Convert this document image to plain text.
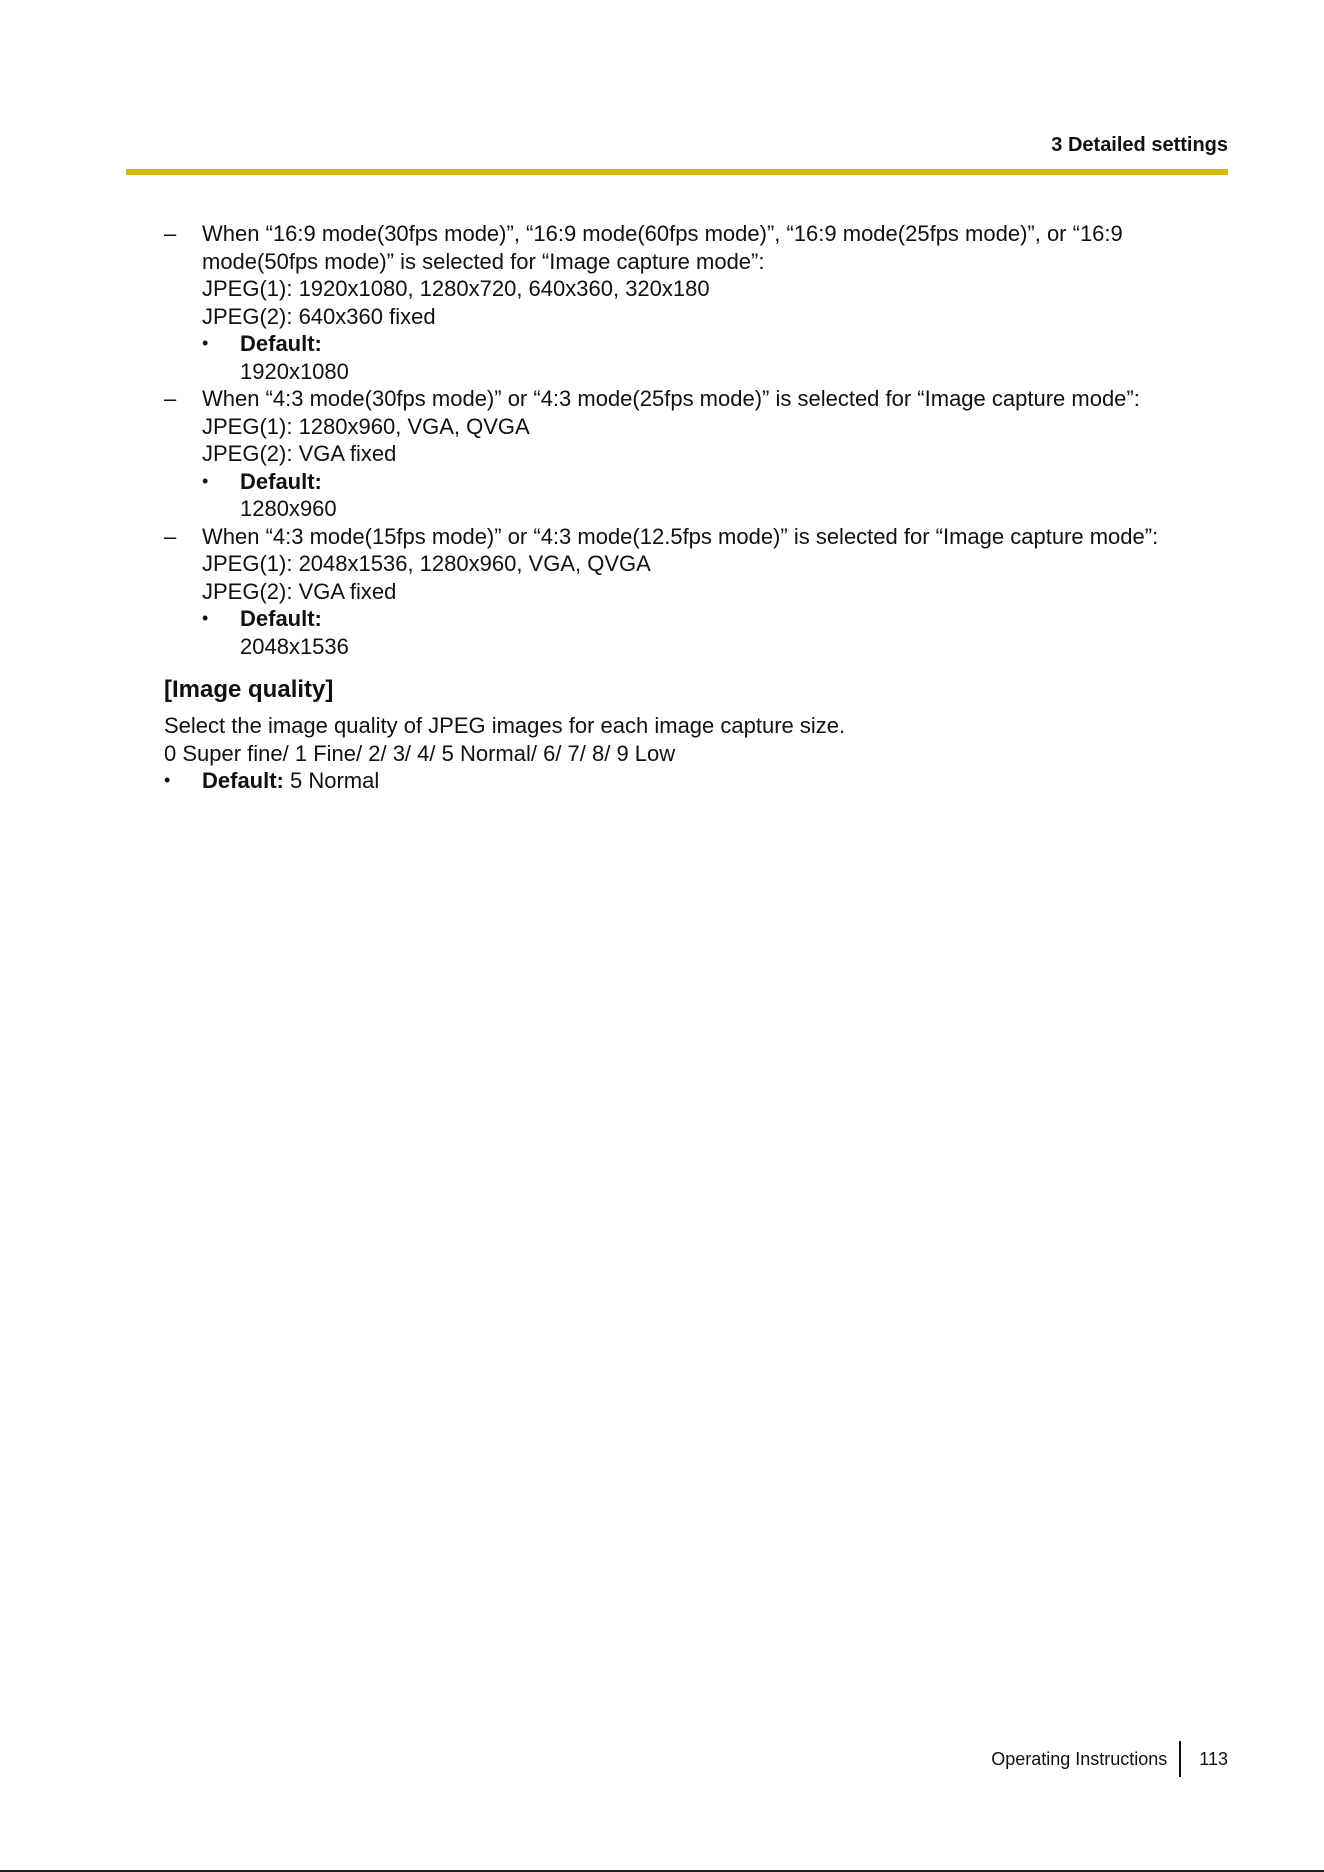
3 Detailed settings
– When “16:9 mode(30fps mode)”, “16:9 mode(60fps mode)”, “16:9 mode(25fps mode)”, or “16:9
mode(50fps mode)” is selected for “Image capture mode”:
JPEG(1): 1920x1080, 1280x720, 640x360, 320x180
JPEG(2): 640x360 fixed
• Default:
1920x1080
– When “4:3 mode(30fps mode)” or “4:3 mode(25fps mode)” is selected for “Image capture mode”:
JPEG(1): 1280x960, VGA, QVGA
JPEG(2): VGA fixed
• Default:
1280x960
– When “4:3 mode(15fps mode)” or “4:3 mode(12.5fps mode)” is selected for “Image capture mode”:
JPEG(1): 2048x1536, 1280x960, VGA, QVGA
JPEG(2): VGA fixed
• Default:
2048x1536
[Image quality]
Select the image quality of JPEG images for each image capture size.
0 Super fine/ 1 Fine/ 2/ 3/ 4/ 5 Normal/ 6/ 7/ 8/ 9 Low
• Default: 5 Normal
Operating Instructions 113
